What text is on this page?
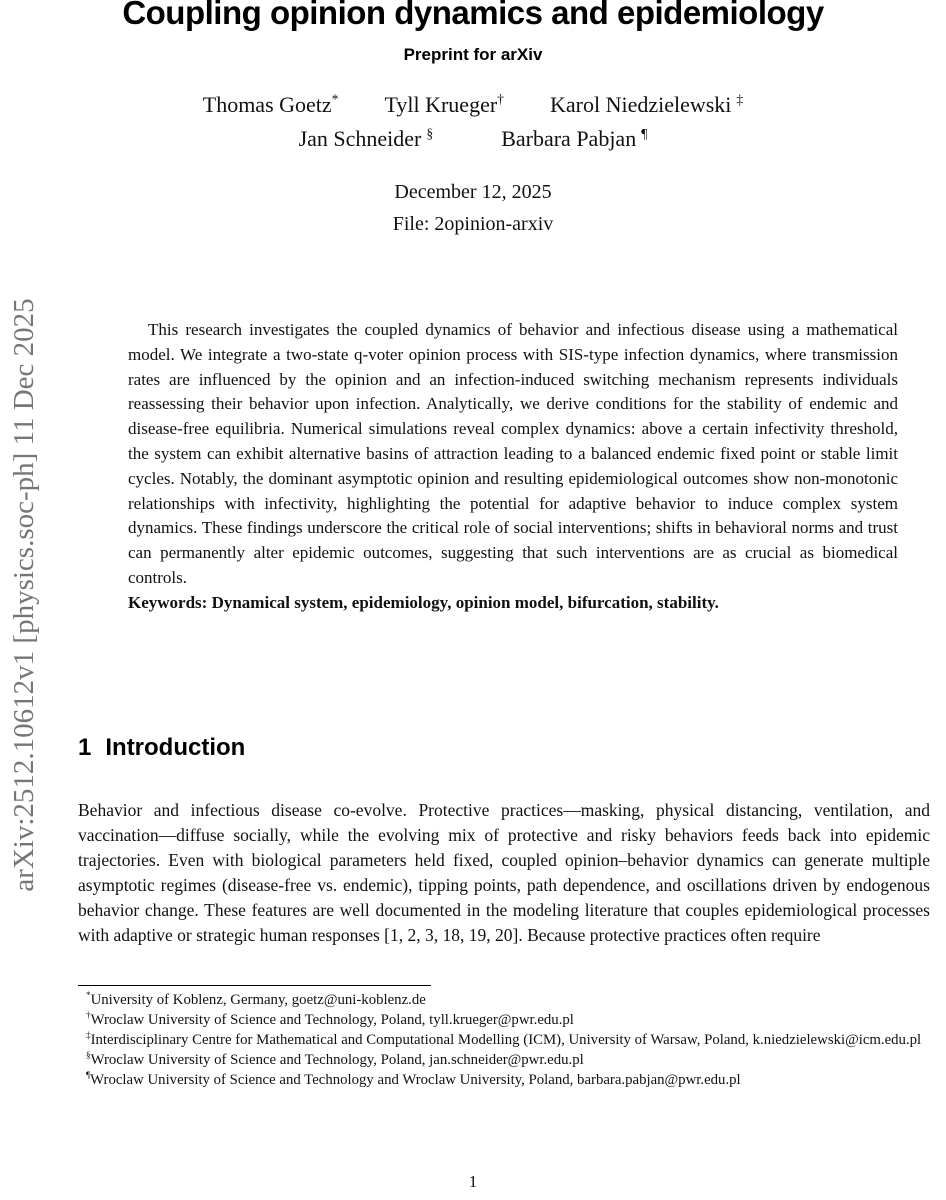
arXiv:2512.10612v1 [physics.soc-ph] 11 Dec 2025
Coupling opinion dynamics and epidemiology
Preprint for arXiv
Thomas Goetz* Tyll Krueger† Karol Niedzielewski ‡
Jan Schneider §	Barbara Pabjan ¶
December 12, 2025
File: 2opinion-arxiv

This research investigates the coupled dynamics of behavior and infectious disease using a mathematical model. We integrate a two-state q-voter opinion process with SIS-type infection dynamics, where transmission rates are influenced by the opinion and an infection-induced switching mechanism represents individuals reassessing their behavior upon infection. Analytically, we derive conditions for the stability of endemic and disease-free equilibria. Numerical simulations reveal complex dynamics: above a certain infectivity threshold, the system can exhibit alternative basins of attraction leading to a balanced endemic fixed point or stable limit cycles. Notably, the dominant asymptotic opinion and resulting epidemiological outcomes show non-monotonic relationships with infectivity, highlighting the potential for adaptive behavior to induce complex system dynamics. These findings underscore the critical role of social interventions; shifts in behavioral norms and trust can permanently alter epidemic outcomes, suggesting that such interventions are as crucial as biomedical controls.

Keywords: Dynamical system, epidemiology, opinion model, bifurcation, stability.

1 Introduction
Behavior and infectious disease co-evolve. Protective practices—masking, physical distancing, ventilation, and vaccination—diffuse socially, while the evolving mix of protective and risky behaviors feeds back into epidemic trajectories. Even with biological parameters held fixed, coupled opinion–behavior dynamics can generate multiple asymptotic regimes (disease-free vs. endemic), tipping points, path dependence, and oscillations driven by endogenous behavior change. These features are well documented in the modeling literature that couples epidemiological processes with adaptive or strategic human responses [1, 2, 3, 18, 19, 20]. Because protective practices often require

*University of Koblenz, Germany, goetz@uni-koblenz.de

†Wroclaw University of Science and Technology, Poland, tyll.krueger@pwr.edu.pl

‡Interdisciplinary Centre for Mathematical and Computational Modelling (ICM), University of Warsaw, Poland, k.niedzielewski@icm.edu.pl

§Wroclaw University of Science and Technology, Poland, jan.schneider@pwr.edu.pl

¶Wroclaw University of Science and Technology and Wroclaw University, Poland, barbara.pabjan@pwr.edu.pl

1
